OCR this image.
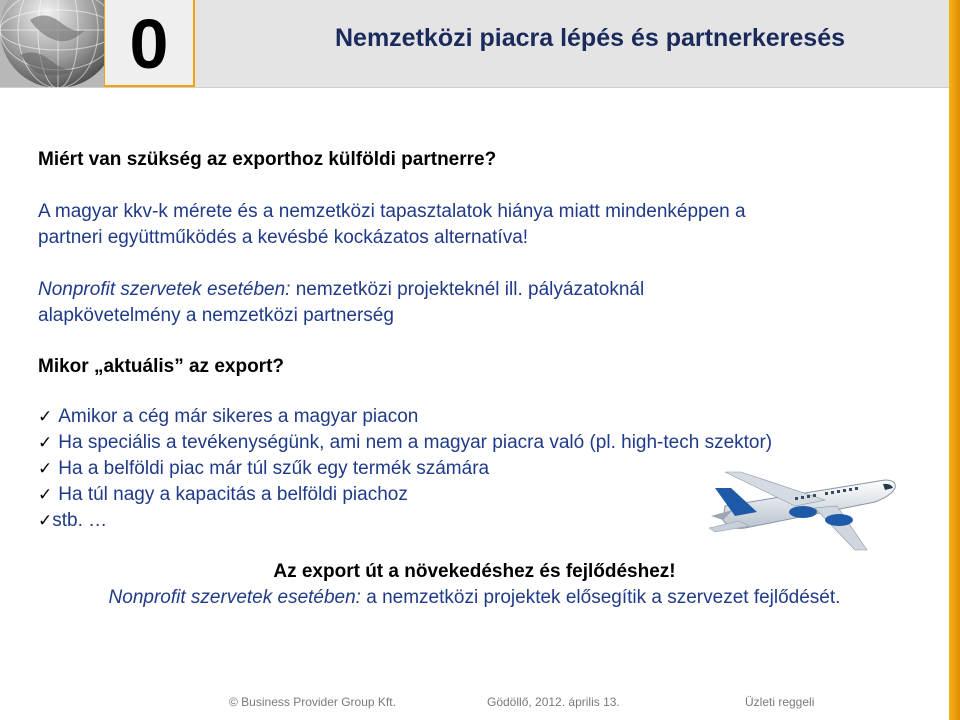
0	Nemzetközi piacra lépés és partnerkeresés
Miért van szükség az exporthoz külföldi partnerre?
A magyar kkv-k mérete és a nemzetközi tapasztalatok hiánya miatt mindenképpen a
partneri együttműködés a kevésbé kockázatos alternatíva!
Nonprofit szervetek esetében: nemzetközi projekteknél ill. pályázatoknál
alapkövetelmény a nemzetközi partnerség
Mikor „aktuális” az export?
✓ Amikor a cég már sikeres a magyar piacon
✓ Ha speciális a tevékenységünk, ami nem a magyar piacra való (pl. high-tech szektor)
✓ Ha a belföldi piac már túl szűk egy termék számára
✓ Ha túl nagy a kapacitás a belföldi piachoz
✓stb. …
Az export út a növekedéshez és fejlődéshez!
Nonprofit szervetek esetében: a nemzetközi projektek elősegítik a szervezet fejlődését.
© Business Provider Group Kft.	Gödöllő, 2012. április 13.	Üzleti reggeli
